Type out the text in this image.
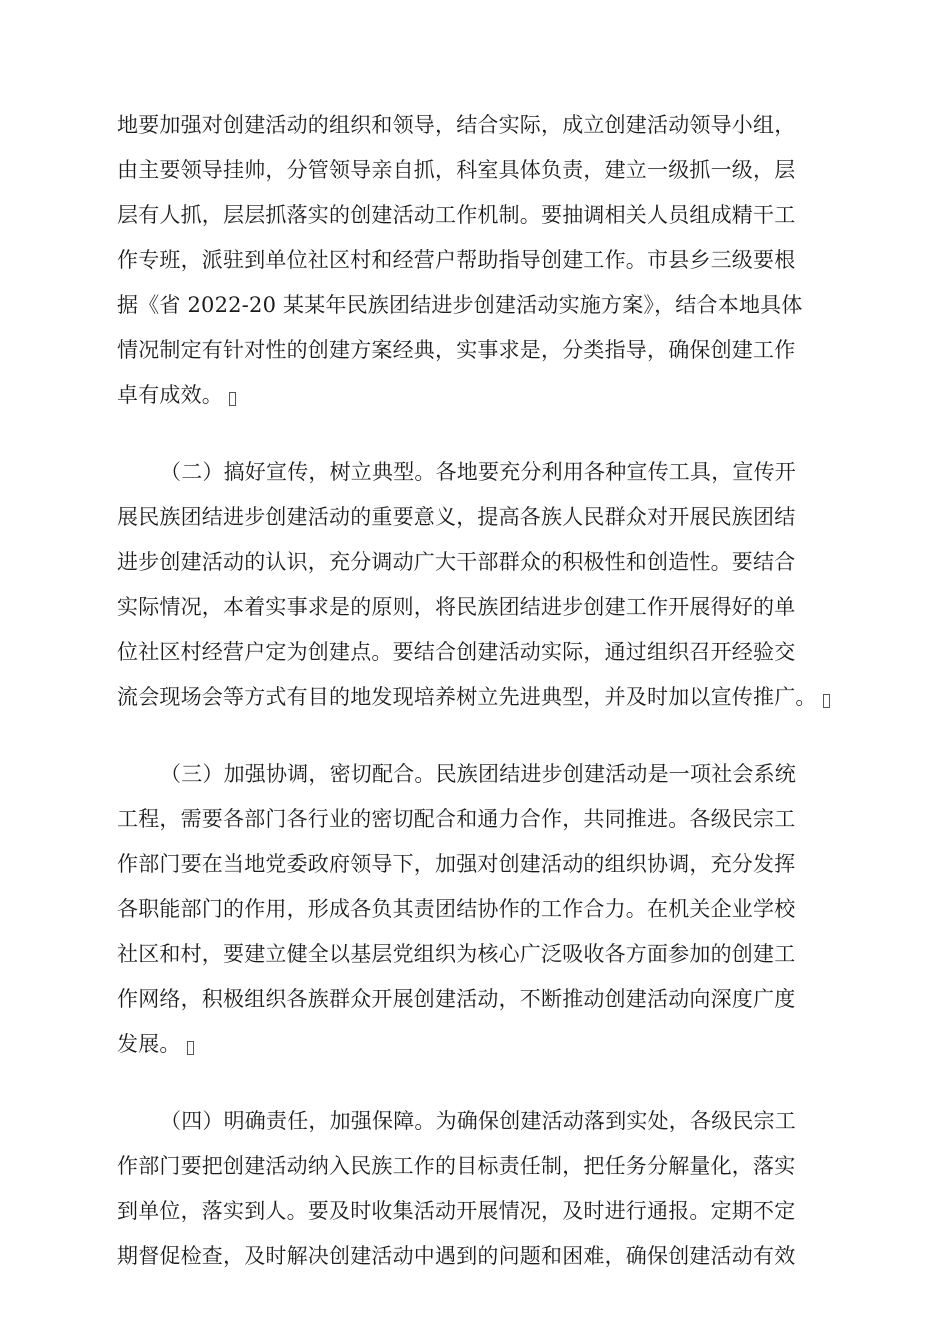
地要加强对创建活动的组织和领导，结合实际，成立创建活动领导小组，
由主要领导挂帅，分管领导亲自抓，科室具体负责，建立一级抓一级，层
层有人抓，层层抓落实的创建活动工作机制。要抽调相关人员组成精干工
作专班，派驻到单位社区村和经营户帮助指导创建工作。市县乡三级要根
据《省 2022-20 某某年民族团结进步创建活动实施方案》，结合本地具体
情况制定有针对性的创建方案经典，实事求是，分类指导，确保创建工作
卓有成效。
（二）搞好宣传，树立典型。各地要充分利用各种宣传工具，宣传开
展民族团结进步创建活动的重要意义，提高各族人民群众对开展民族团结
进步创建活动的认识，充分调动广大干部群众的积极性和创造性。要结合
实际情况，本着实事求是的原则，将民族团结进步创建工作开展得好的单
位社区村经营户定为创建点。要结合创建活动实际，通过组织召开经验交
流会现场会等方式有目的地发现培养树立先进典型，并及时加以宣传推广。
（三）加强协调，密切配合。民族团结进步创建活动是一项社会系统
工程，需要各部门各行业的密切配合和通力合作，共同推进。各级民宗工
作部门要在当地党委政府领导下，加强对创建活动的组织协调，充分发挥
各职能部门的作用，形成各负其责团结协作的工作合力。在机关企业学校
社区和村，要建立健全以基层党组织为核心广泛吸收各方面参加的创建工
作网络，积极组织各族群众开展创建活动，不断推动创建活动向深度广度
发展。
（四）明确责任，加强保障。为确保创建活动落到实处，各级民宗工
作部门要把创建活动纳入民族工作的目标责任制，把任务分解量化，落实
到单位，落实到人。要及时收集活动开展情况，及时进行通报。定期不定
期督促检查，及时解决创建活动中遇到的问题和困难，确保创建活动有效
